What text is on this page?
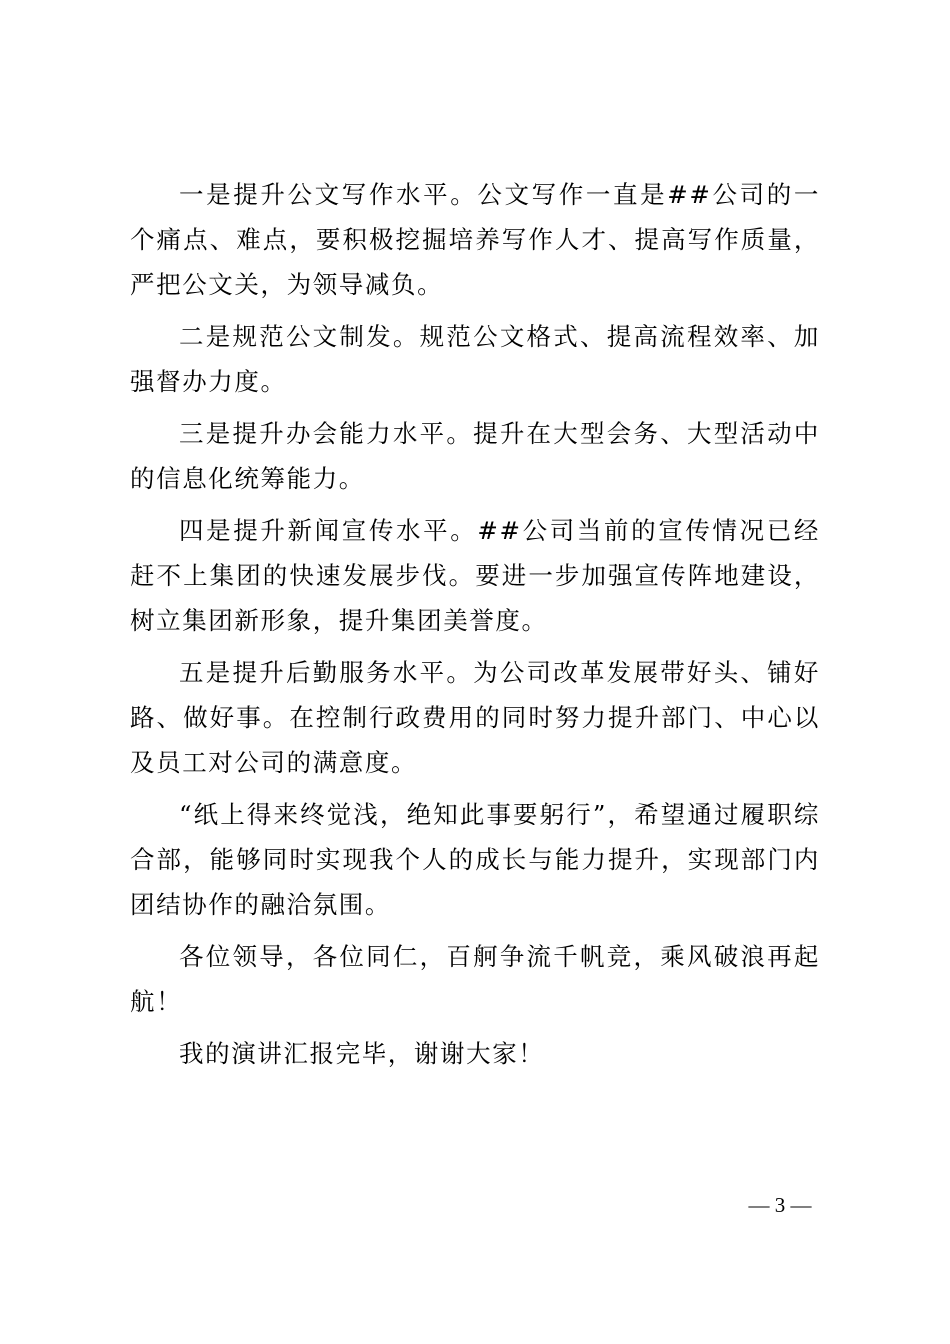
一是提升公文写作水平。公文写作一直是##公司的一个痛点、难点，要积极挖掘培养写作人才、提高写作质量，严把公文关，为领导减负。

二是规范公文制发。规范公文格式、提高流程效率、加强督办力度。

三是提升办会能力水平。提升在大型会务、大型活动中的信息化统筹能力。

四是提升新闻宣传水平。##公司当前的宣传情况已经赶不上集团的快速发展步伐。要进一步加强宣传阵地建设，树立集团新形象，提升集团美誉度。

五是提升后勤服务水平。为公司改革发展带好头、铺好路、做好事。在控制行政费用的同时努力提升部门、中心以及员工对公司的满意度。

“纸上得来终觉浅，绝知此事要躬行”，希望通过履职综合部，能够同时实现我个人的成长与能力提升，实现部门内团结协作的融洽氛围。

各位领导，各位同仁，百舸争流千帆竞，乘风破浪再起航！

我的演讲汇报完毕，谢谢大家！

— 3 —
